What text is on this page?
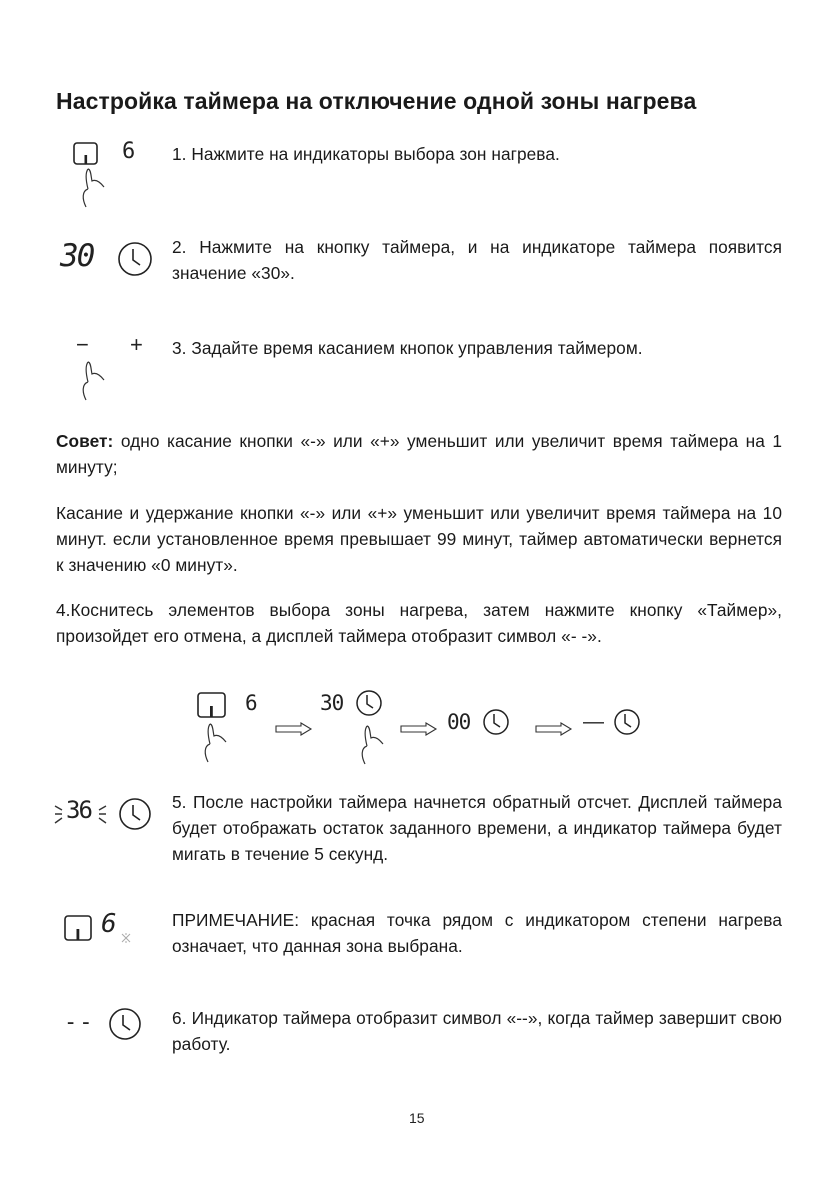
Настройка таймера на отключение одной зоны нагрева
6 1. Нажмите на индикаторы выбора зон нагрева.
30	2. Нажмите на кнопку таймера, и на индикаторе таймера появится значение «30».
− + 3. Задайте время касанием кнопок управления таймером.
Совет: одно касание кнопки «-» или «+» уменьшит или увеличит время таймера на 1 минуту;
Касание и удержание кнопки «-» или «+» уменьшит или увеличит время таймера на 10 минут. если установленное время превышает 99 минут, таймер автоматически вернется к значению «0 минут».
4.Коснитесь элементов выбора зоны нагрева, затем нажмите кнопку «Таймер», произойдет его отмена, а дисплей таймера отобразит символ «- -».
6	30
00	—
36	5. После настройки таймера начнется обратный отсчет. Дисплей таймера будет отображать остаток заданного времени, а индикатор таймера будет мигать в течение 5 секунд.
6	ПРИМЕЧАНИЕ: красная точка рядом с индикатором степени нагрева означает, что данная зона выбрана.
--	6. Индикатор таймера отобразит символ «--», когда таймер завершит свою работу.
15
